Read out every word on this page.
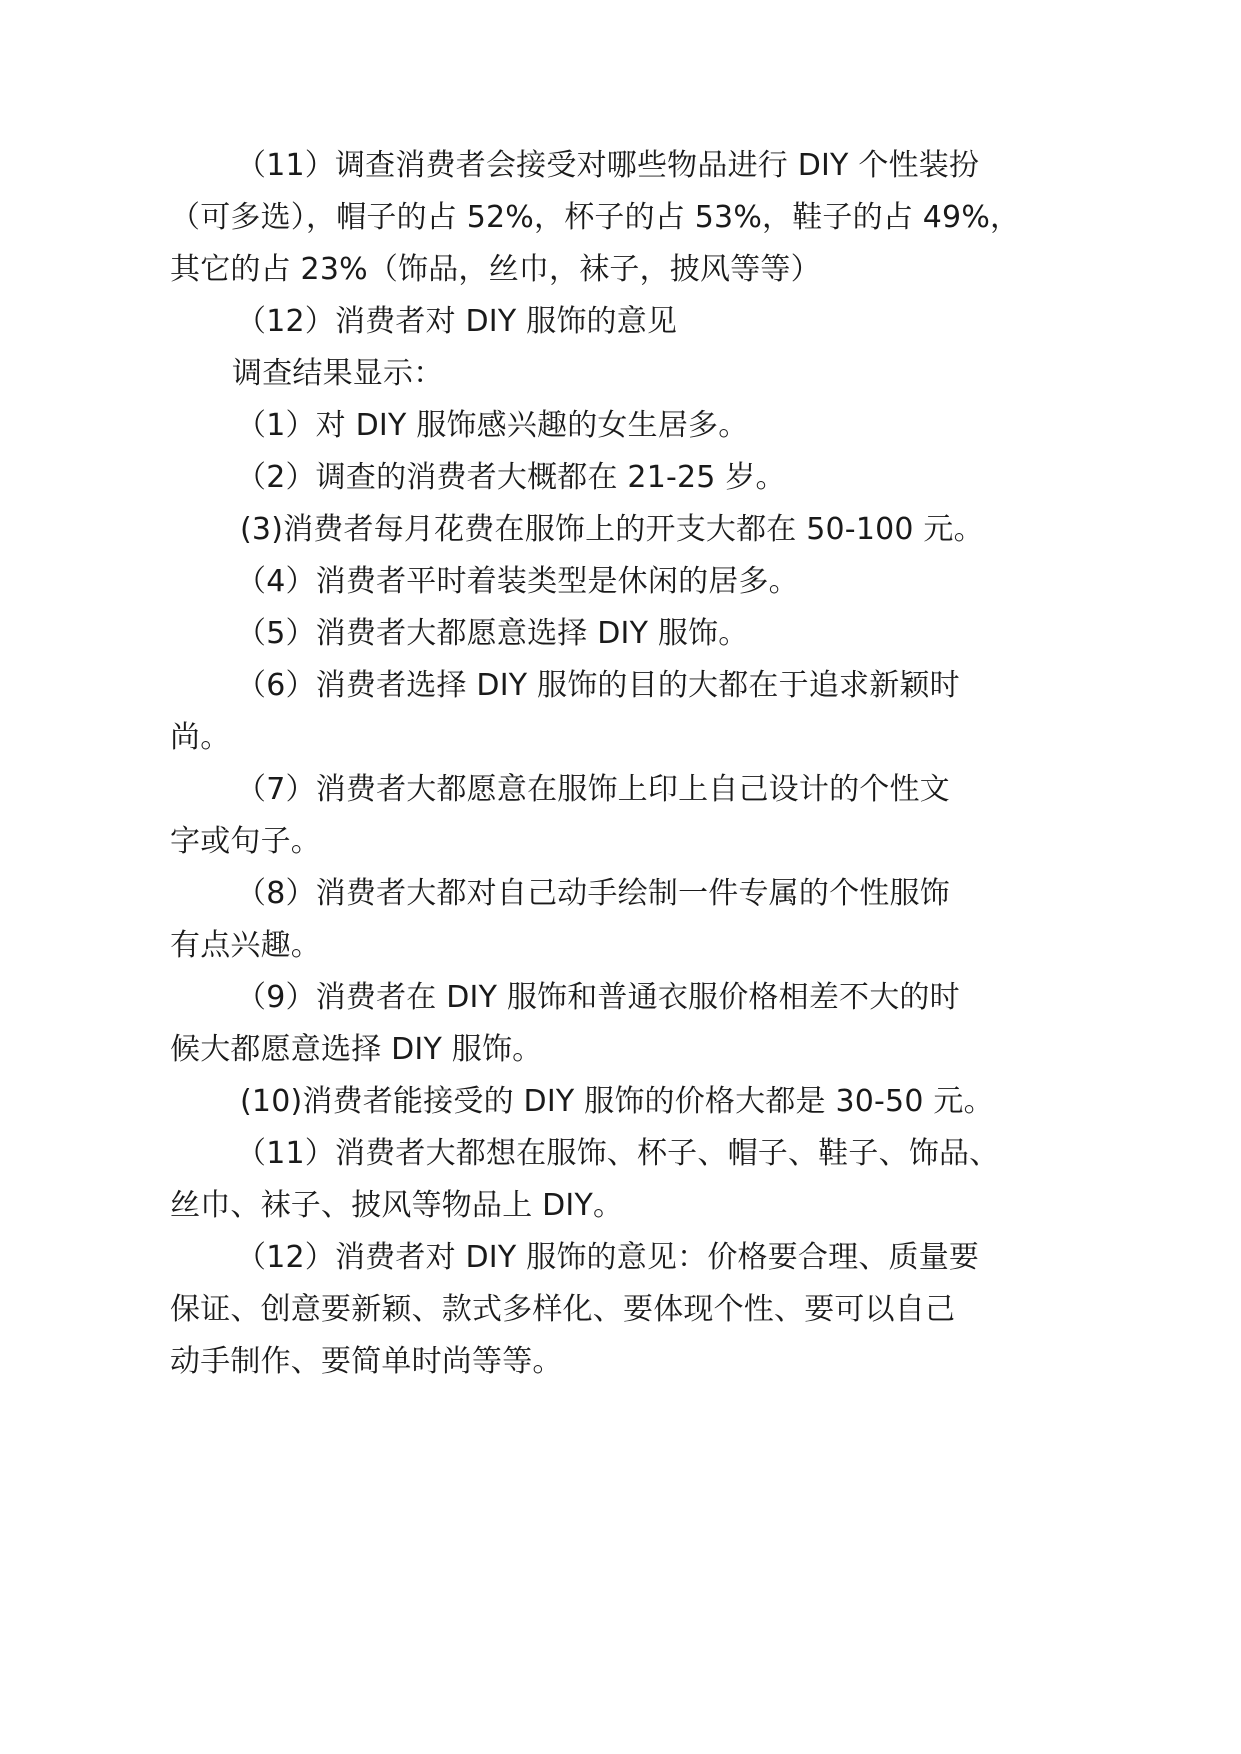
（11）调查消费者会接受对哪些物品进行 DIY 个性装扮
（可多选），帽子的占 52%，杯子的占 53%，鞋子的占 49%，
其它的占 23%（饰品，丝巾，袜子，披风等等）
（12）消费者对 DIY 服饰的意见
调查结果显示：
（1）对 DIY 服饰感兴趣的女生居多。
（2）调查的消费者大概都在 21-25 岁。
(3)消费者每月花费在服饰上的开支大都在 50-100 元。
（4）消费者平时着装类型是休闲的居多。
（5）消费者大都愿意选择 DIY 服饰。
（6）消费者选择 DIY 服饰的目的大都在于追求新颖时
尚。
（7）消费者大都愿意在服饰上印上自己设计的个性文
字或句子。
（8）消费者大都对自己动手绘制一件专属的个性服饰
有点兴趣。
（9）消费者在 DIY 服饰和普通衣服价格相差不大的时
候大都愿意选择 DIY 服饰。
(10)消费者能接受的 DIY 服饰的价格大都是 30-50 元。
（11）消费者大都想在服饰、杯子、帽子、鞋子、饰品、
丝巾、袜子、披风等物品上 DIY。
（12）消费者对 DIY 服饰的意见：价格要合理、质量要
保证、创意要新颖、款式多样化、要体现个性、要可以自己
动手制作、要简单时尚等等。
